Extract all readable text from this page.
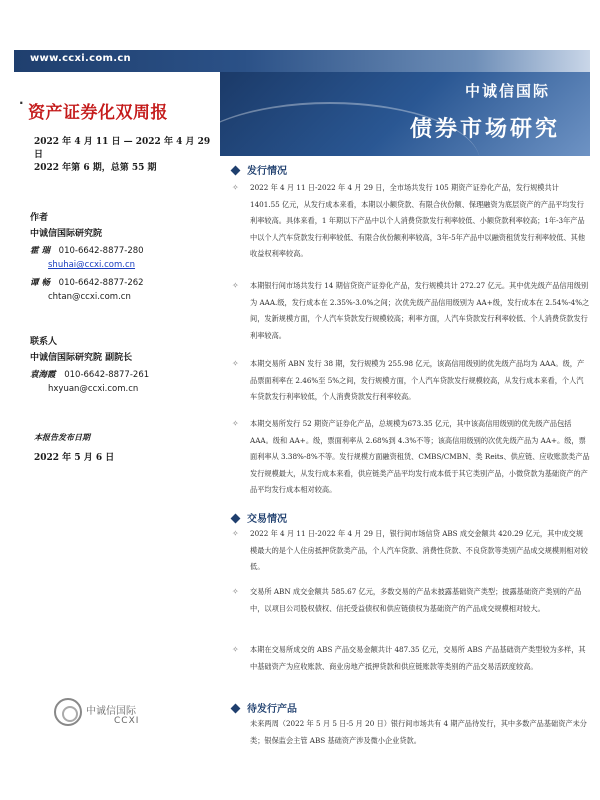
www.ccxi.com.cn
· 资产证券化双周报
2022 年 4 月 11 日 — 2022 年 4 月 29 日
2022 年第 6 期，总第 55 期
作者
中诚信国际研究院
霍 瑞 010-6642-8877-280
shuhai@ccxi.com.cn
谭 畅 010-6642-8877-262
chtan@ccxi.com.cn
联系人
中诚信国际研究院 副院长
袁海霞 010-6642-8877-261
hxyuan@ccxi.com.cn
本报告发布日期
2022 年 5 月 6 日
中诚信国际
CCXI
中诚信国际
债券市场研究
发行情况
✧ 2022 年 4 月 11 日-2022 年 4 月 29 日，全市场共发行 105 期资产证券化产品，发行规模共计 1401.55 亿元，从发行成本来看，本期以小额贷款、有限合伙份额、保理融资为底层资产的产品平均发行利率较高。具体来看，1 年期以下产品中以个人消费贷款发行利率较低、小额贷款利率较高；1年-3年产品中以个人汽车贷款发行利率较低、有限合伙份额利率较高，3年-5年产品中以融资租赁发行利率较低、其他收益权利率较高。
✧ 本期银行间市场共发行 14 期信贷资产证券化产品，发行规模共计 272.27 亿元。其中优先级产品信用级别为 AAA.级，发行成本在 2.35%-3.0%之间；次优先级产品信用级别为 AA+级，发行成本在 2.54%-4%之间，发新规模方面，个人汽车贷款发行规模较高；利率方面，人汽车贷款发行利率较低、个人消费贷款发行利率较高。
✧ 本期交易所 ABN 发行 38 期，发行规模为 255.98 亿元，该高信用级别的优先级产品均为 AAA。级，产品票面利率在 2.46%至 5%之间，发行规模方面，个人汽车贷款发行规模较高，从发行成本来看，个人汽车贷款发行利率较低，个人消费贷款发行利率较高。
✧ 本期交易所发行 52 期资产证券化产品，总规模为673.35 亿元，其中该高信用级别的优先级产品包括 AAA。级和 AA+。级，票面利率从 2.68%到 4.3%不等；该高信用级别的次优先级产品为 AA+。级，票面利率从 3.38%-8%不等。发行规模方面融资租赁、CMBS/CMBN、类 Reits、供应链、应收账款类产品发行规模最大，从发行成本来看，供应链类产品平均发行成本低于其它类别产品，小微贷款为基础资产的产品平均发行成本相对较高。
交易情况
✧ 2022 年 4 月 11 日-2022 年 4 月 29 日，银行间市场信贷 ABS 成交金额共 420.29 亿元，其中成交规模最大的是个人住房抵押贷款类产品，个人汽车贷款、消费性贷款、不良贷款等类别产品成交规模则相对较低。
✧ 交易所 ABN 成交金额共 585.67 亿元，多数交易的产品未披露基础资产类型；披露基础资产类别的产品中，以项目公司股权债权、信托受益债权和供应链债权为基础资产的产品成交规模相对较大。
✧ 本期在交易所成交的 ABS 产品交易金额共计 487.35 亿元，交易所 ABS 产品基础资产类型较为多样，其中基础资产为应收账款、商业房地产抵押贷款和供应链账款等类别的产品交易活跃度较高。
待发行产品
未来两周（2022 年 5 月 5 日-5 月 20 日）银行间市场共有 4 期产品待发行，其中多数产品基础资产未分类；银保监会主管 ABS 基础资产涉及微小企业贷款。
